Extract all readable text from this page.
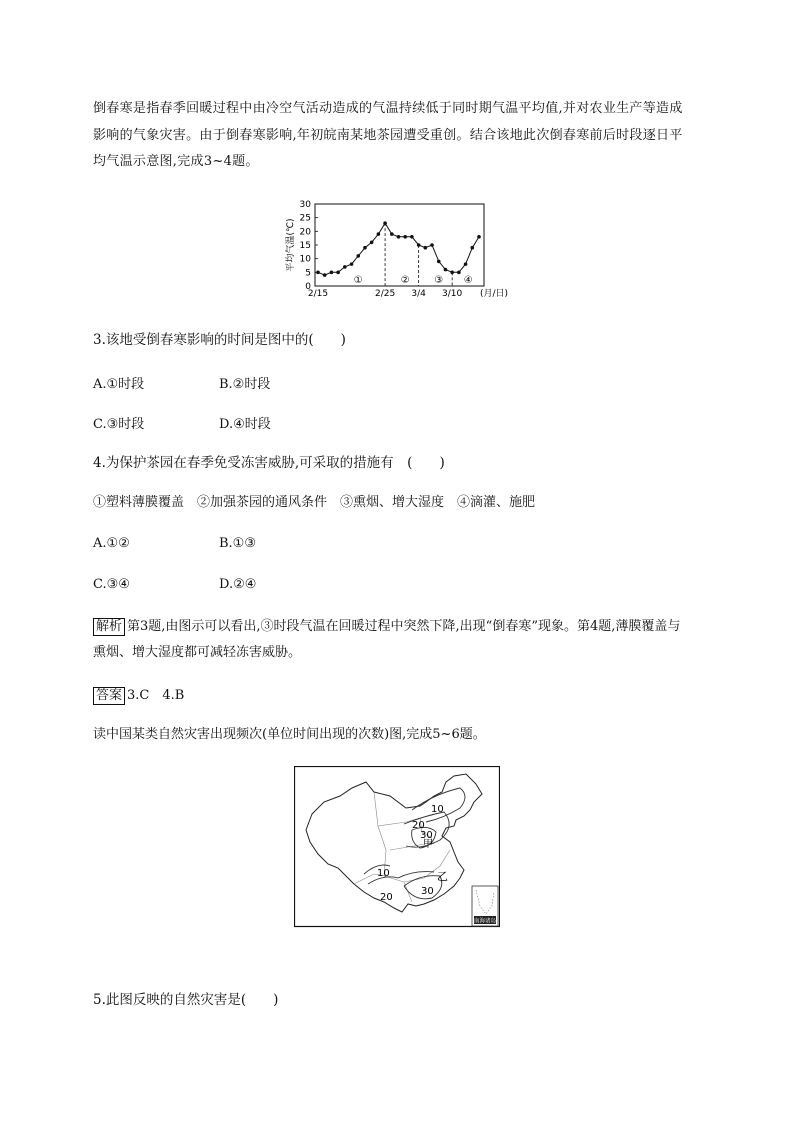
倒春寒是指春季回暖过程中由冷空气活动造成的气温持续低于同时期气温平均值,并对农业生产等造成影响的气象灾害。由于倒春寒影响,年初皖南某地茶园遭受重创。结合该地此次倒春寒前后时段逐日平均气温示意图,完成3~4题。

平均气温(℃)
0
5
10
15
20
25
30
①	② ③ ④
2/15	2/25 3/4 3/10 (月/日)

3.该地受倒春寒影响的时间是图中的(　　)

A.①时段	B.②时段
C.③时段	D.④时段

4.为保护茶园在春季免受冻害威胁,可采取的措施有　(　　)

①塑料薄膜覆盖　②加强茶园的通风条件　③熏烟、增大湿度　④滴灌、施肥

A.①②	B.①③
C.③④	D.②④

解析 第3题,由图示可以看出,③时段气温在回暖过程中突然下降,出现“倒春寒”现象。第4题,薄膜覆盖与熏烟、增大湿度都可减轻冻害威胁。

答案 3.C　4.B

读中国某类自然灾害出现频次(单位时间出现的次数)图,完成5~6题。

10
20
30
10
20
30
甲
乙
南海诸岛

5.此图反映的自然灾害是(　　)
